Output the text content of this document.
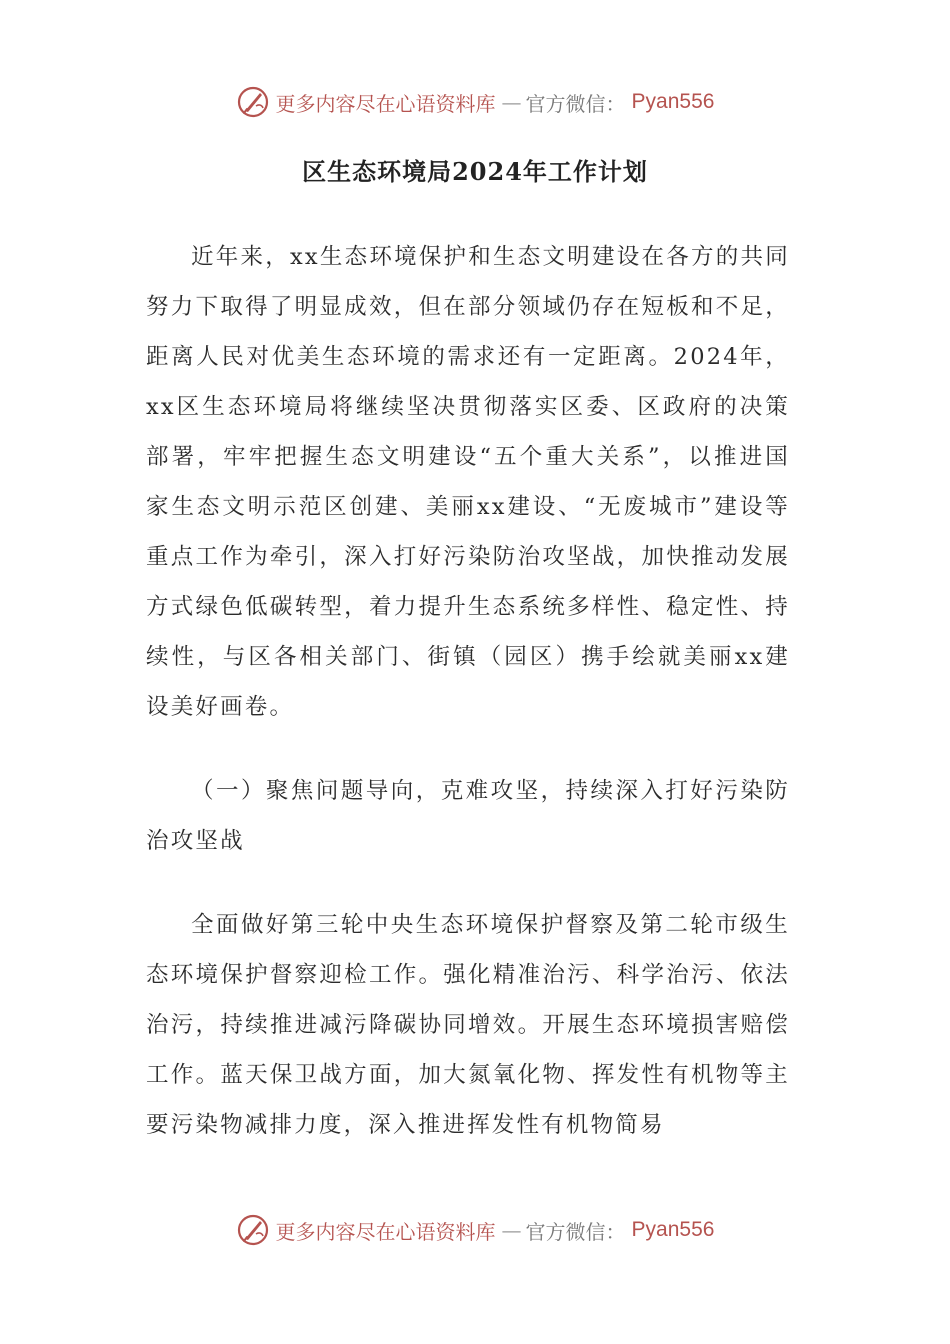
更多内容尽在心语资料库 — 官方微信： Pyan556
区生态环境局2024年工作计划

近年来，xx生态环境保护和生态文明建设在各方的共同努力下取得了明显成效，但在部分领域仍存在短板和不足，距离人民对优美生态环境的需求还有一定距离。2024年，xx区生态环境局将继续坚决贯彻落实区委、区政府的决策部署，牢牢把握生态文明建设“五个重大关系”，以推进国家生态文明示范区创建、美丽xx建设、“无废城市”建设等重点工作为牵引，深入打好污染防治攻坚战，加快推动发展方式绿色低碳转型，着力提升生态系统多样性、稳定性、持续性，与区各相关部门、街镇（园区）携手绘就美丽xx建设美好画卷。

（一）聚焦问题导向，克难攻坚，持续深入打好污染防治攻坚战

全面做好第三轮中央生态环境保护督察及第二轮市级生态环境保护督察迎检工作。强化精准治污、科学治污、依法治污，持续推进减污降碳协同增效。开展生态环境损害赔偿工作。蓝天保卫战方面，加大氮氧化物、挥发性有机物等主要污染物减排力度，深入推进挥发性有机物简易

更多内容尽在心语资料库 — 官方微信： Pyan556
